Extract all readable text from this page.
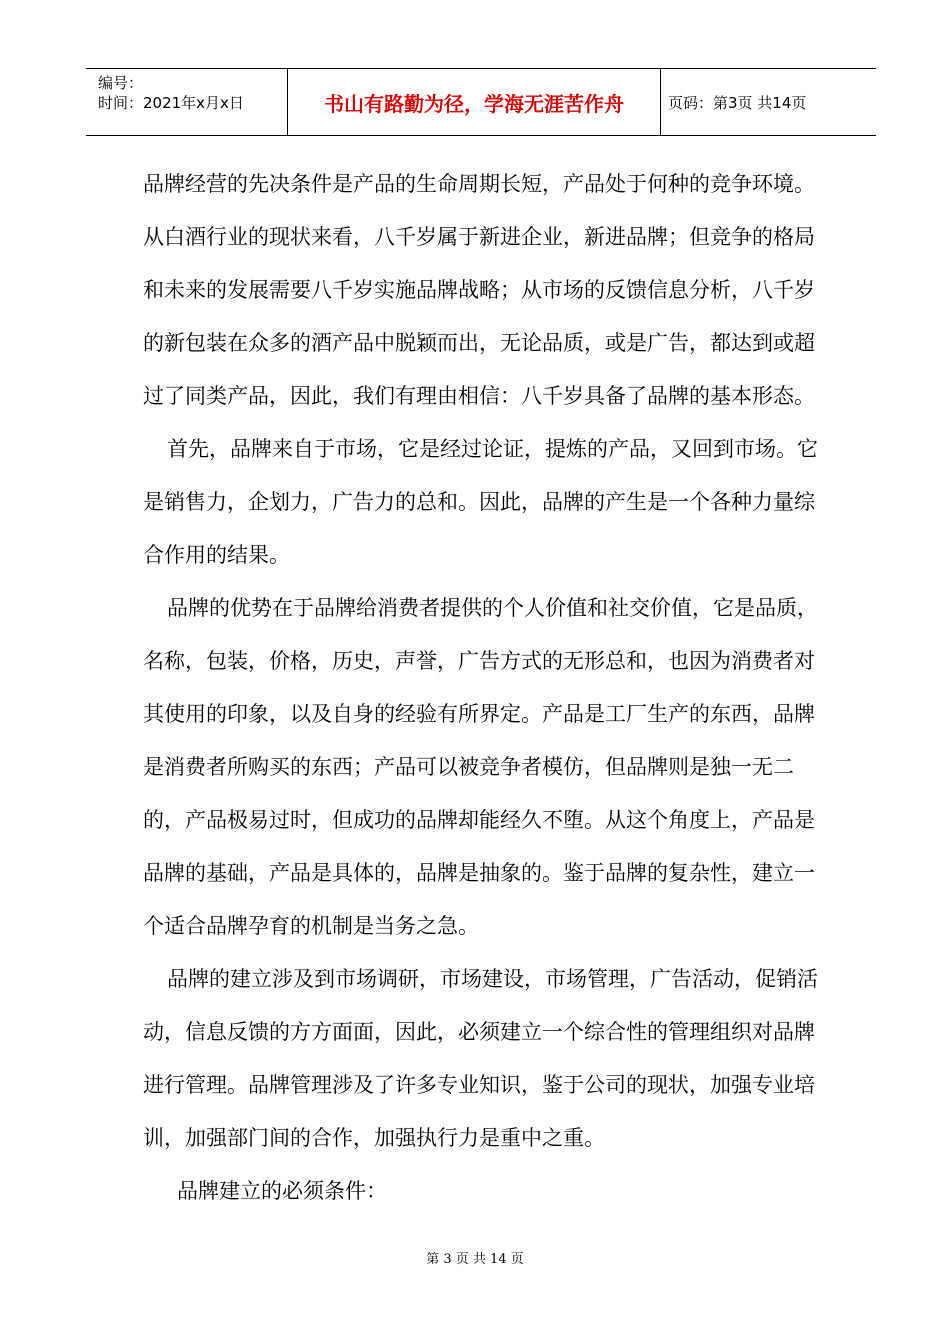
编号：
时间：2021年x月x日	书山有路勤为径，学海无涯苦作舟	页码：第3页 共14页

品牌经营的先决条件是产品的生命周期长短，产品处于何种的竞争环境。从白酒行业的现状来看，八千岁属于新进企业，新进品牌；但竞争的格局和未来的发展需要八千岁实施品牌战略；从市场的反馈信息分析，八千岁的新包装在众多的酒产品中脱颖而出，无论品质，或是广告，都达到或超过了同类产品，因此，我们有理由相信：八千岁具备了品牌的基本形态。

首先，品牌来自于市场，它是经过论证，提炼的产品，又回到市场。它是销售力，企划力，广告力的总和。因此，品牌的产生是一个各种力量综合作用的结果。

品牌的优势在于品牌给消费者提供的个人价值和社交价值，它是品质，名称，包装，价格，历史，声誉，广告方式的无形总和，也因为消费者对其使用的印象，以及自身的经验有所界定。产品是工厂生产的东西，品牌是消费者所购买的东西；产品可以被竞争者模仿，但品牌则是独一无二的，产品极易过时，但成功的品牌却能经久不堕。从这个角度上，产品是品牌的基础，产品是具体的，品牌是抽象的。鉴于品牌的复杂性，建立一个适合品牌孕育的机制是当务之急。

品牌的建立涉及到市场调研，市场建设，市场管理，广告活动，促销活动，信息反馈的方方面面，因此，必须建立一个综合性的管理组织对品牌进行管理。品牌管理涉及了许多专业知识，鉴于公司的现状，加强专业培训，加强部门间的合作，加强执行力是重中之重。

品牌建立的必须条件：

第 3 页 共 14 页
